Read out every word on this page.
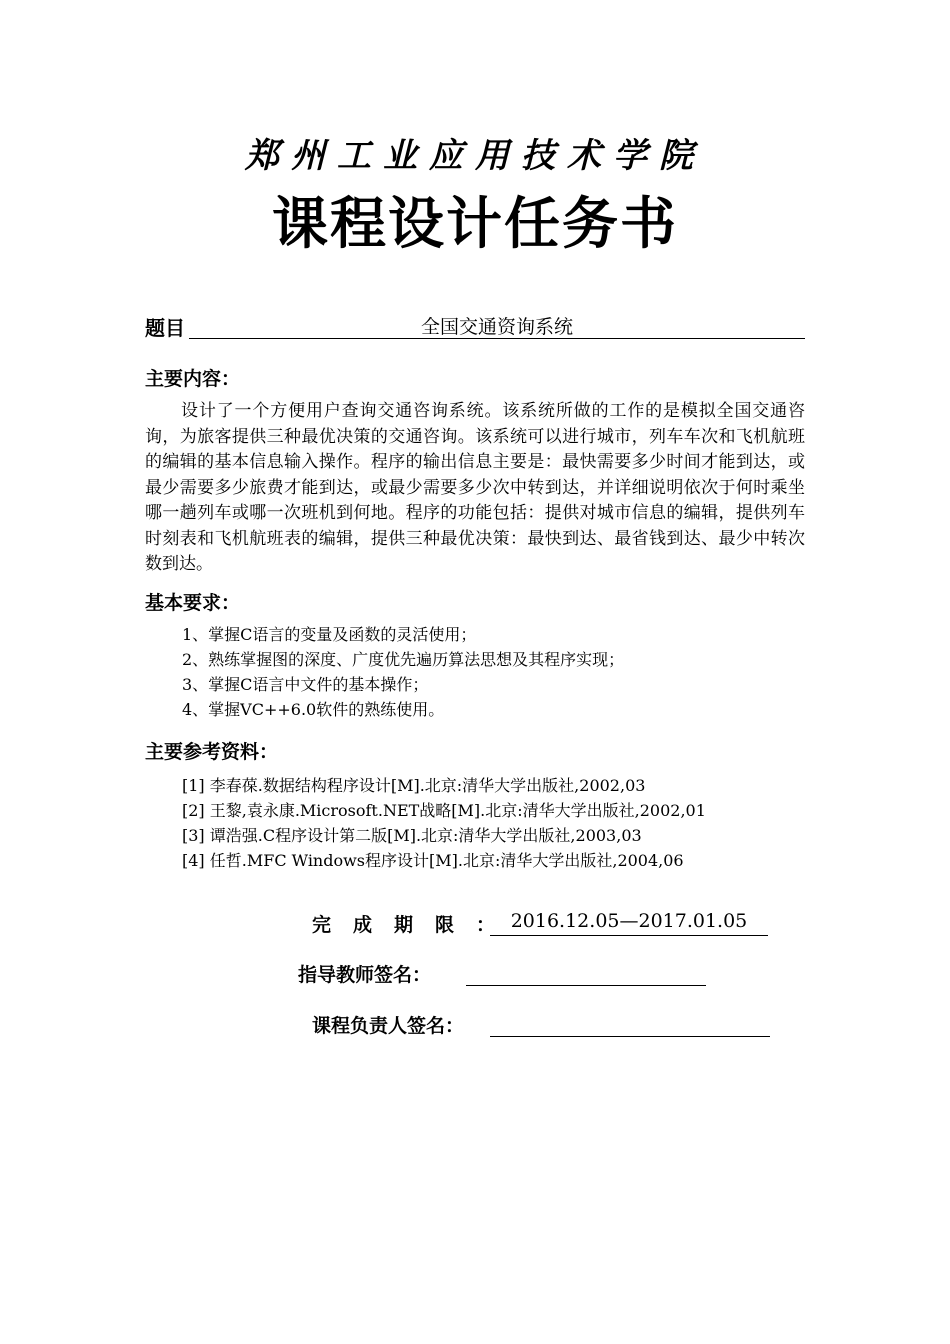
郑州工业应用技术学院
课程设计任务书
题目	全国交通资询系统
主要内容：
设计了一个方便用户查询交通咨询系统。该系统所做的工作的是模拟全国交通咨询，为旅客提供三种最优决策的交通咨询。该系统可以进行城市，列车车次和飞机航班的编辑的基本信息输入操作。程序的输出信息主要是：最快需要多少时间才能到达，或最少需要多少旅费才能到达，或最少需要多少次中转到达，并详细说明依次于何时乘坐哪一趟列车或哪一次班机到何地。程序的功能包括：提供对城市信息的编辑，提供列车时刻表和飞机航班表的编辑，提供三种最优决策：最快到达、最省钱到达、最少中转次数到达。
基本要求：
1、掌握C语言的变量及函数的灵活使用；
2、熟练掌握图的深度、广度优先遍历算法思想及其程序实现；
3、掌握C语言中文件的基本操作；
4、掌握VC++6.0软件的熟练使用。
主要参考资料：
[1] 李春葆.数据结构程序设计[M].北京:清华大学出版社,2002,03
[2] 王黎,袁永康.Microsoft.NET战略[M].北京:清华大学出版社,2002,01
[3] 谭浩强.C程序设计第二版[M].北京:清华大学出版社,2003,03
[4] 任哲.MFC Windows程序设计[M].北京:清华大学出版社,2004,06
完成期限：
2016.12.05—2017.01.05
指导教师签名：
课程负责人签名：
